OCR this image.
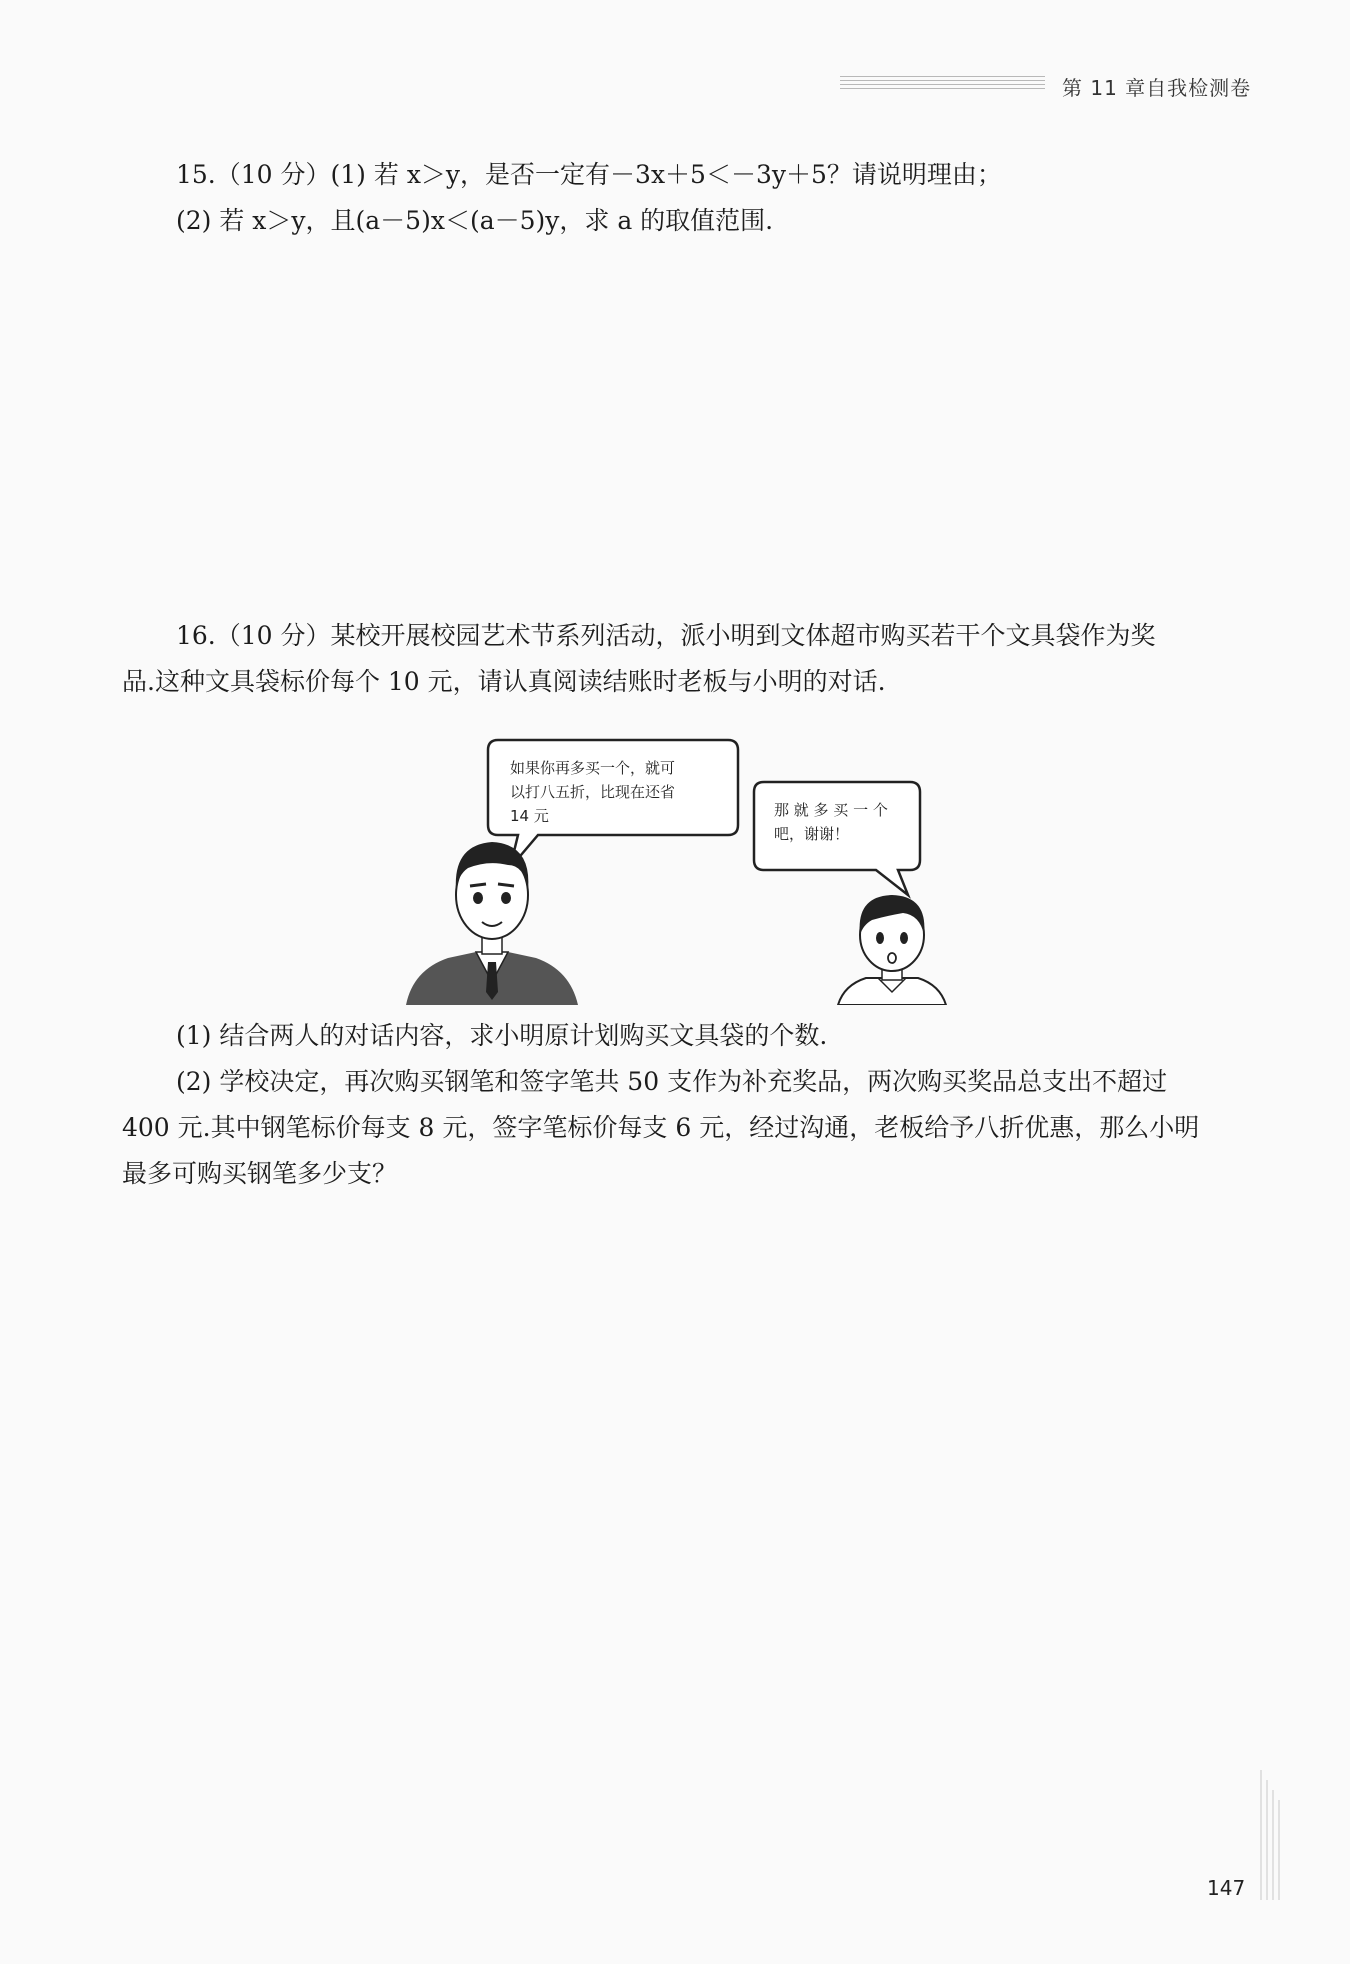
第 11 章自我检测卷
15.（10 分）(1) 若 x＞y，是否一定有－3x＋5＜－3y＋5？请说明理由；
(2) 若 x＞y，且(a－5)x＜(a－5)y，求 a 的取值范围.
16.（10 分）某校开展校园艺术节系列活动，派小明到文体超市购买若干个文具袋作为奖
品.这种文具袋标价每个 10 元，请认真阅读结账时老板与小明的对话.
如果你再多买一个，就可
以打八五折，比现在还省
14 元	那 就 多 买 一 个
吧，谢谢！
(1) 结合两人的对话内容，求小明原计划购买文具袋的个数.
(2) 学校决定，再次购买钢笔和签字笔共 50 支作为补充奖品，两次购买奖品总支出不超过
400 元.其中钢笔标价每支 8 元，签字笔标价每支 6 元，经过沟通，老板给予八折优惠，那么小明
最多可购买钢笔多少支？
147
